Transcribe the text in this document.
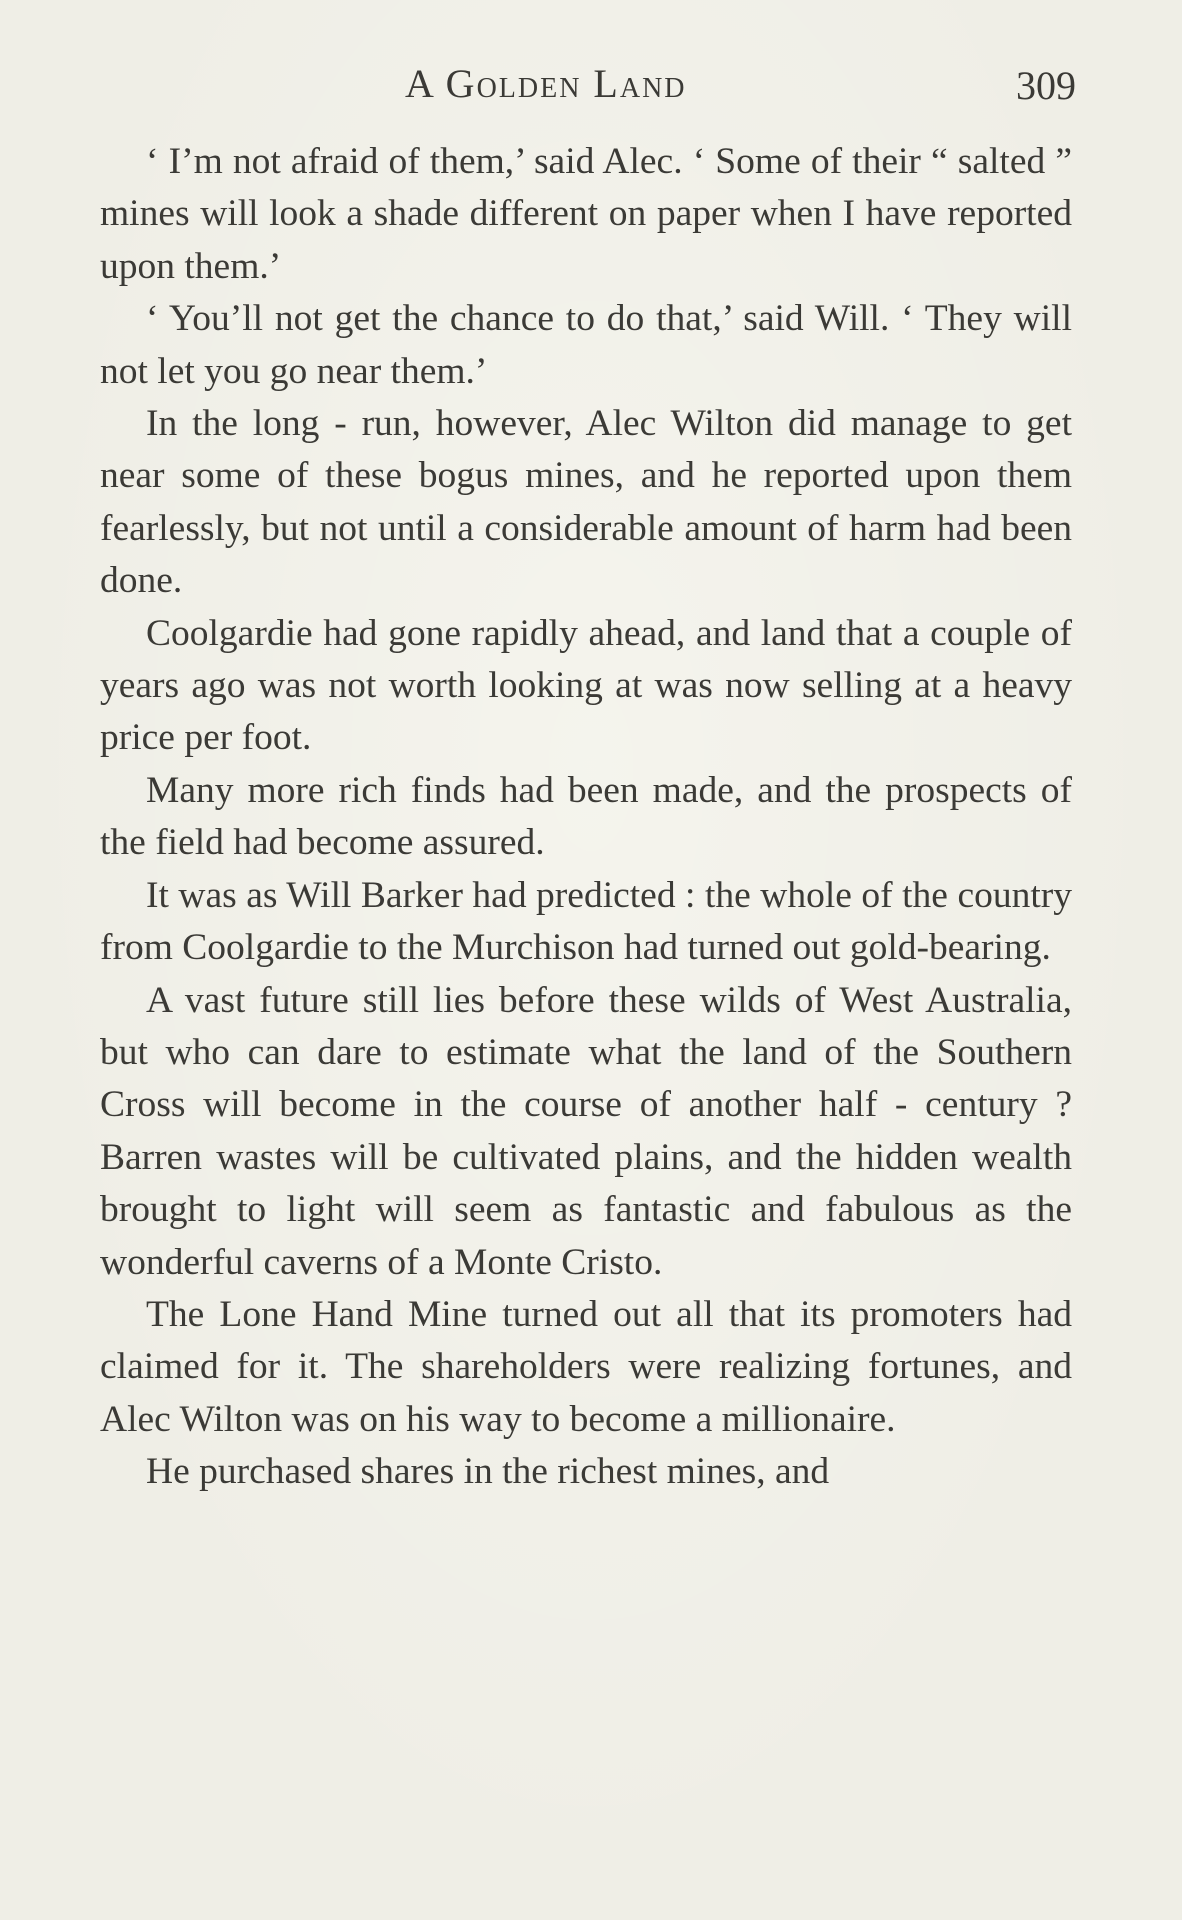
A Golden Land	309

‘ I’m not afraid of them,’ said Alec. ‘ Some of their “ salted ” mines will look a shade different on paper when I have reported upon them.’

‘ You’ll not get the chance to do that,’ said Will. ‘ They will not let you go near them.’

In the long - run, however, Alec Wilton did manage to get near some of these bogus mines, and he reported upon them fearlessly, but not until a considerable amount of harm had been done.

Coolgardie had gone rapidly ahead, and land that a couple of years ago was not worth looking at was now selling at a heavy price per foot.

Many more rich finds had been made, and the prospects of the field had become assured.

It was as Will Barker had predicted : the whole of the country from Coolgardie to the Murchison had turned out gold-bearing.

A vast future still lies before these wilds of West Australia, but who can dare to estimate what the land of the Southern Cross will become in the course of another half - century ? Barren wastes will be cultivated plains, and the hidden wealth brought to light will seem as fantastic and fabulous as the wonderful caverns of a Monte Cristo.

The Lone Hand Mine turned out all that its promoters had claimed for it. The shareholders were realizing fortunes, and Alec Wilton was on his way to become a millionaire.

He purchased shares in the richest mines, and
